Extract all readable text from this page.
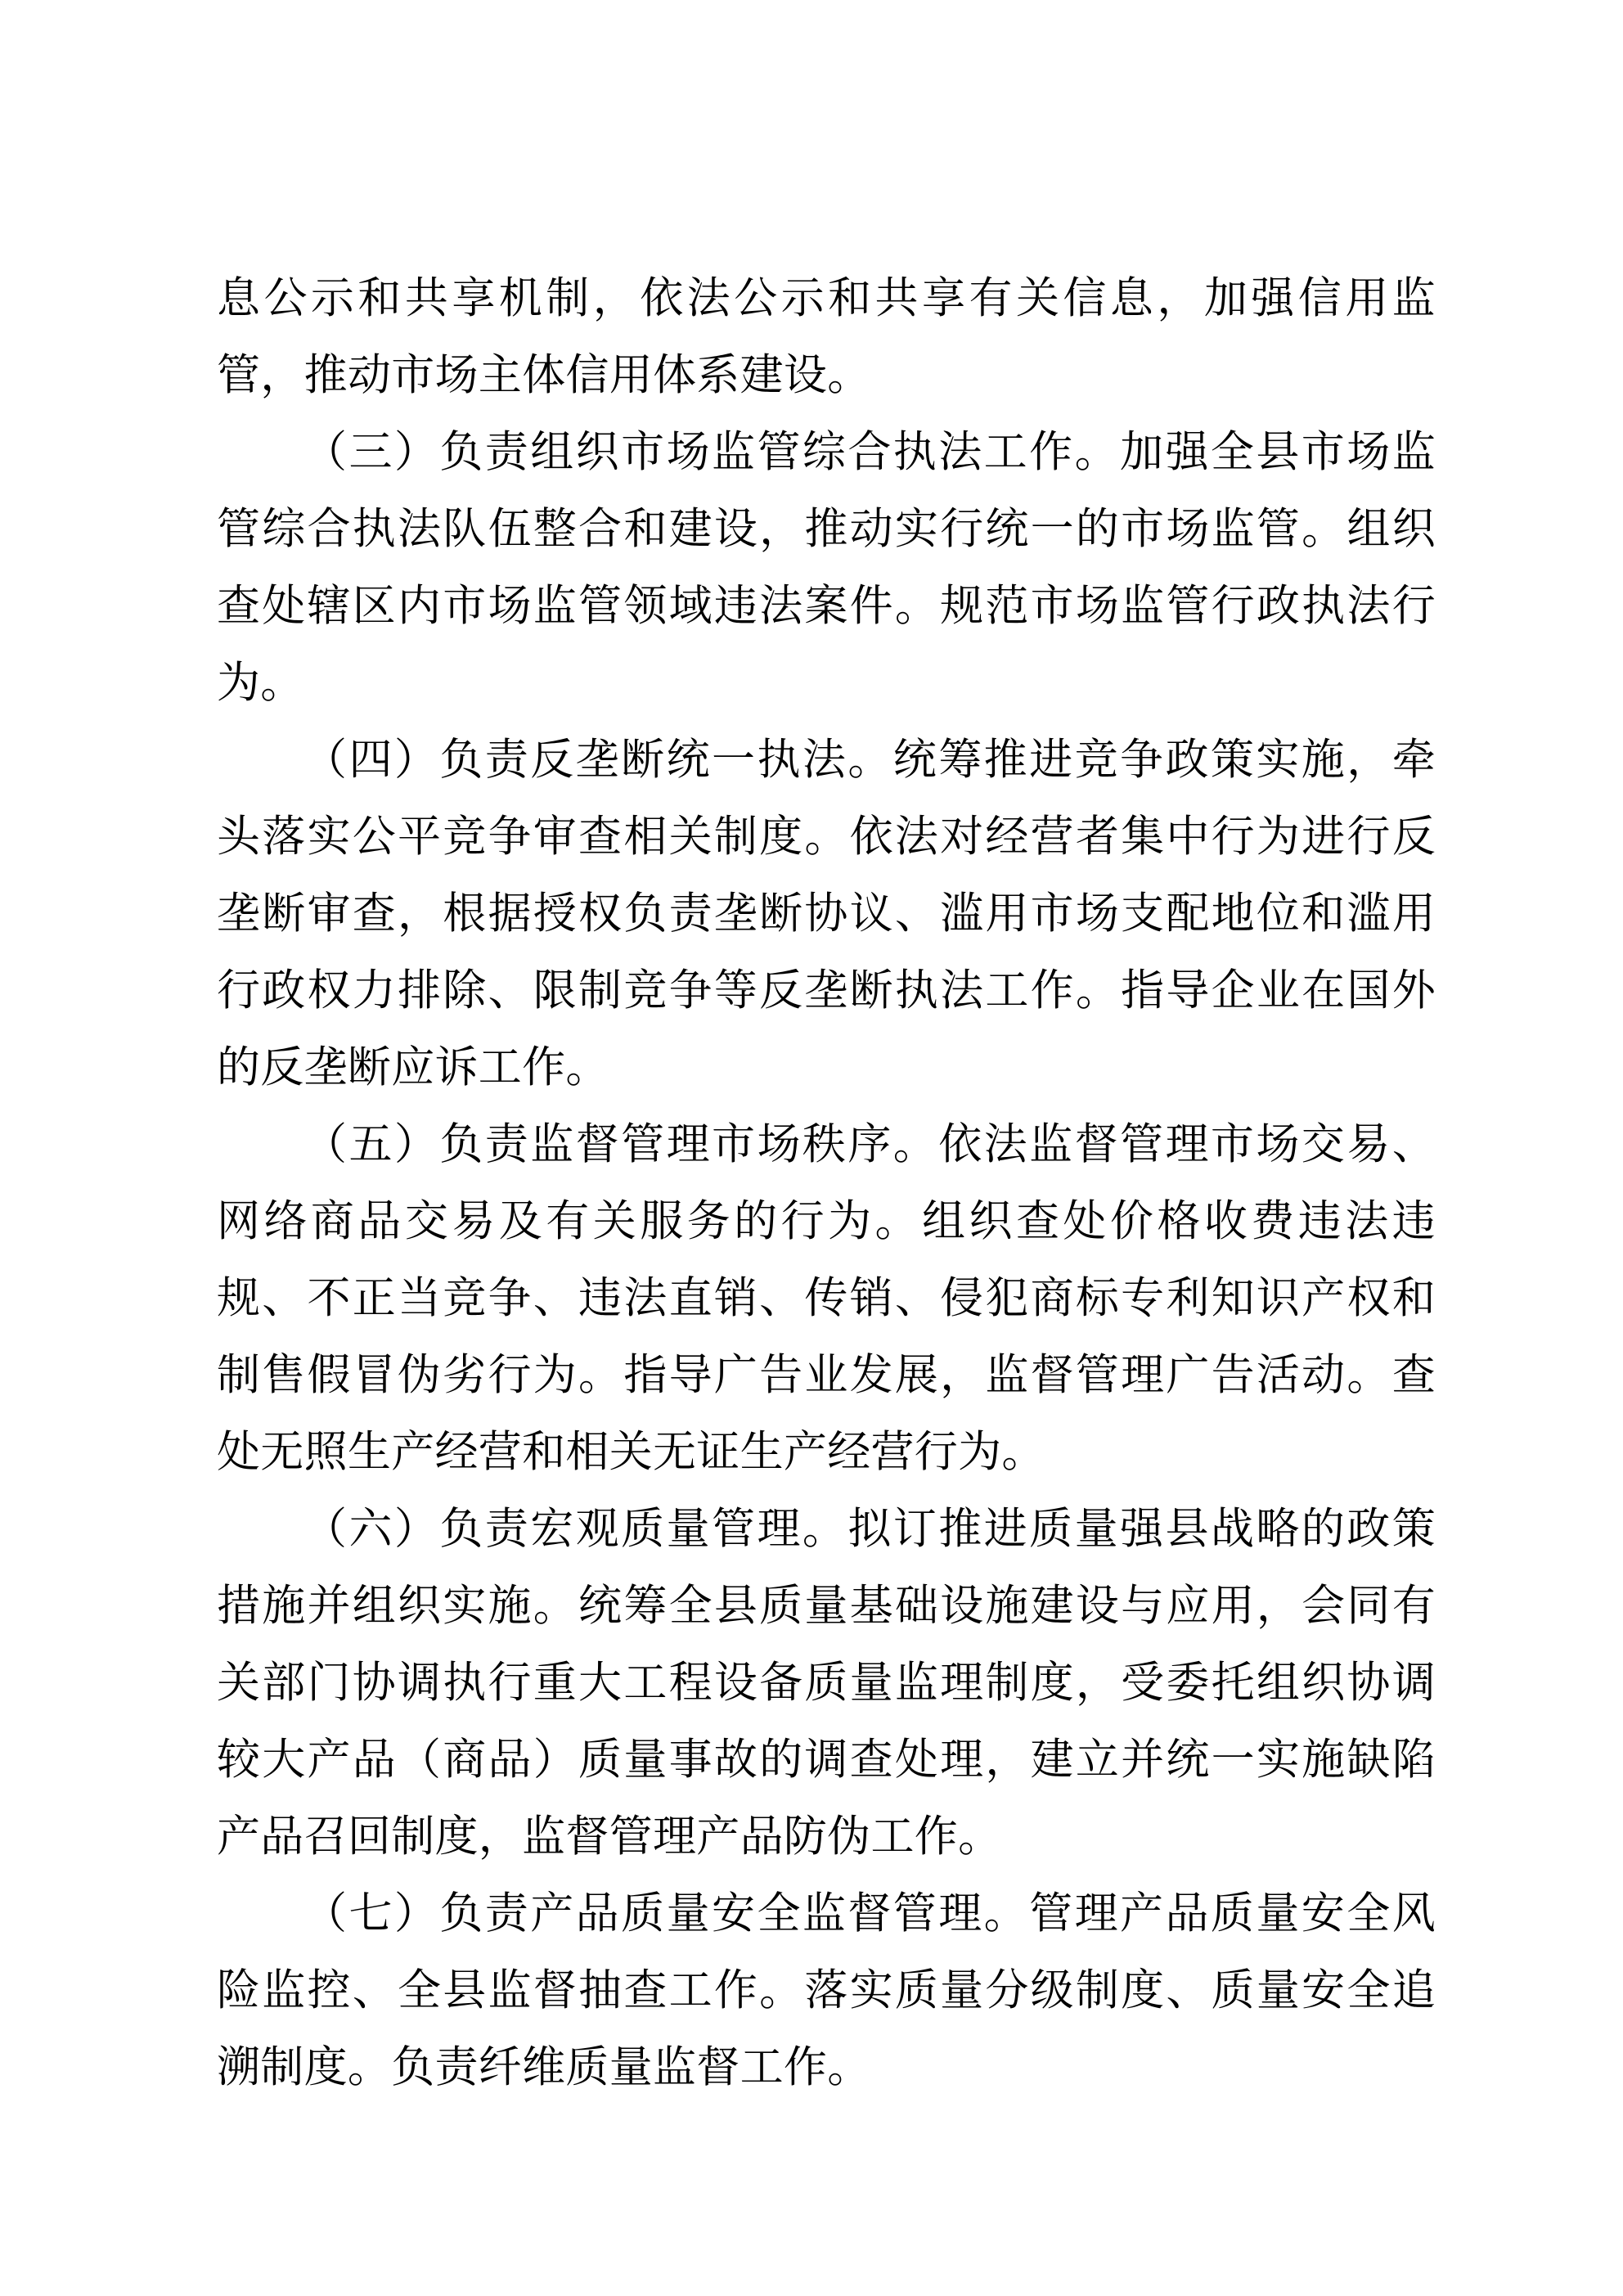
息公示和共享机制，依法公示和共享有关信息，加强信用监管，推动市场主体信用体系建设。

（三）负责组织市场监管综合执法工作。加强全县市场监管综合执法队伍整合和建设，推动实行统一的市场监管。组织查处辖区内市场监管领域违法案件。规范市场监管行政执法行为。

（四）负责反垄断统一执法。统筹推进竞争政策实施，牵头落实公平竞争审查相关制度。依法对经营者集中行为进行反垄断审查，根据授权负责垄断协议、滥用市场支配地位和滥用行政权力排除、限制竞争等反垄断执法工作。指导企业在国外的反垄断应诉工作。

（五）负责监督管理市场秩序。依法监督管理市场交易、网络商品交易及有关服务的行为。组织查处价格收费违法违规、不正当竞争、违法直销、传销、侵犯商标专利知识产权和制售假冒伪劣行为。指导广告业发展，监督管理广告活动。查处无照生产经营和相关无证生产经营行为。

（六）负责宏观质量管理。拟订推进质量强县战略的政策措施并组织实施。统筹全县质量基础设施建设与应用，会同有关部门协调执行重大工程设备质量监理制度，受委托组织协调较大产品（商品）质量事故的调查处理，建立并统一实施缺陷产品召回制度，监督管理产品防伪工作。

（七）负责产品质量安全监督管理。管理产品质量安全风险监控、全县监督抽查工作。落实质量分级制度、质量安全追溯制度。负责纤维质量监督工作。
